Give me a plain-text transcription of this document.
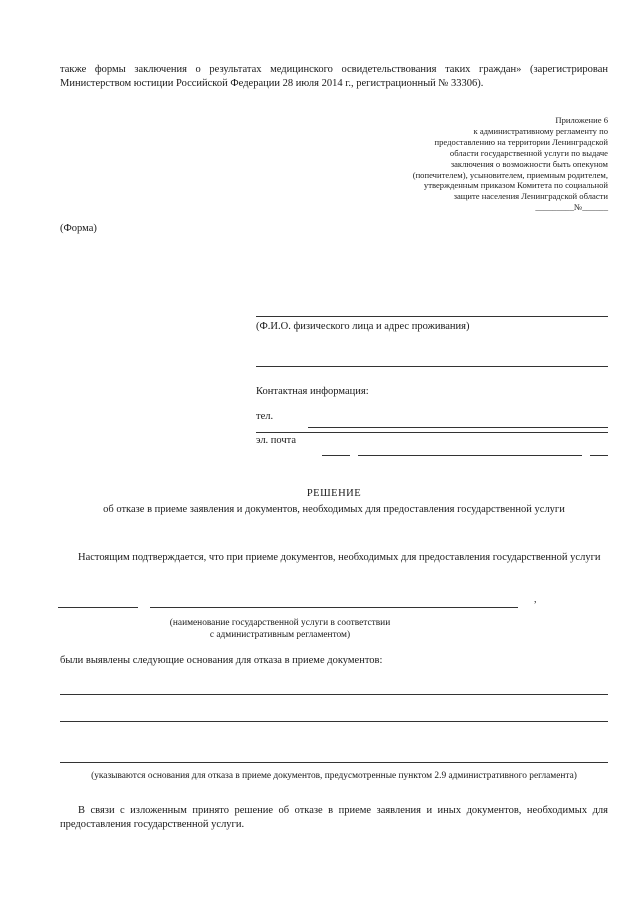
также формы заключения о результатах медицинского освидетельствования таких граждан» (зарегистрирован Министерством юстиции Российской Федерации 28 июля 2014 г., регистрационный № 33306).

Приложение 6
к административному регламенту по
предоставлению на территории Ленинградской
области государственной услуги по выдаче
заключения о возможности быть опекуном
(попечителем), усыновителем, приемным родителем,
утвержденным приказом Комитета по социальной
защите населения Ленинградской области
_________№______
(Форма)
(Ф.И.О. физического лица и адрес проживания)
Контактная информация:
тел.
эл. почта
РЕШЕНИЕ
об отказе в приеме заявления и документов, необходимых для предоставления государственной услуги

Настоящим подтверждается, что при приеме документов, необходимых для предоставления государственной услуги

,
(наименование государственной услуги в соответствии
с административным регламентом)
были выявлены следующие основания для отказа в приеме документов:
(указываются основания для отказа в приеме документов, предусмотренные пунктом 2.9 административного регламента)

В связи с изложенным принято решение об отказе в приеме заявления и иных документов, необходимых для предоставления государственной услуги.
